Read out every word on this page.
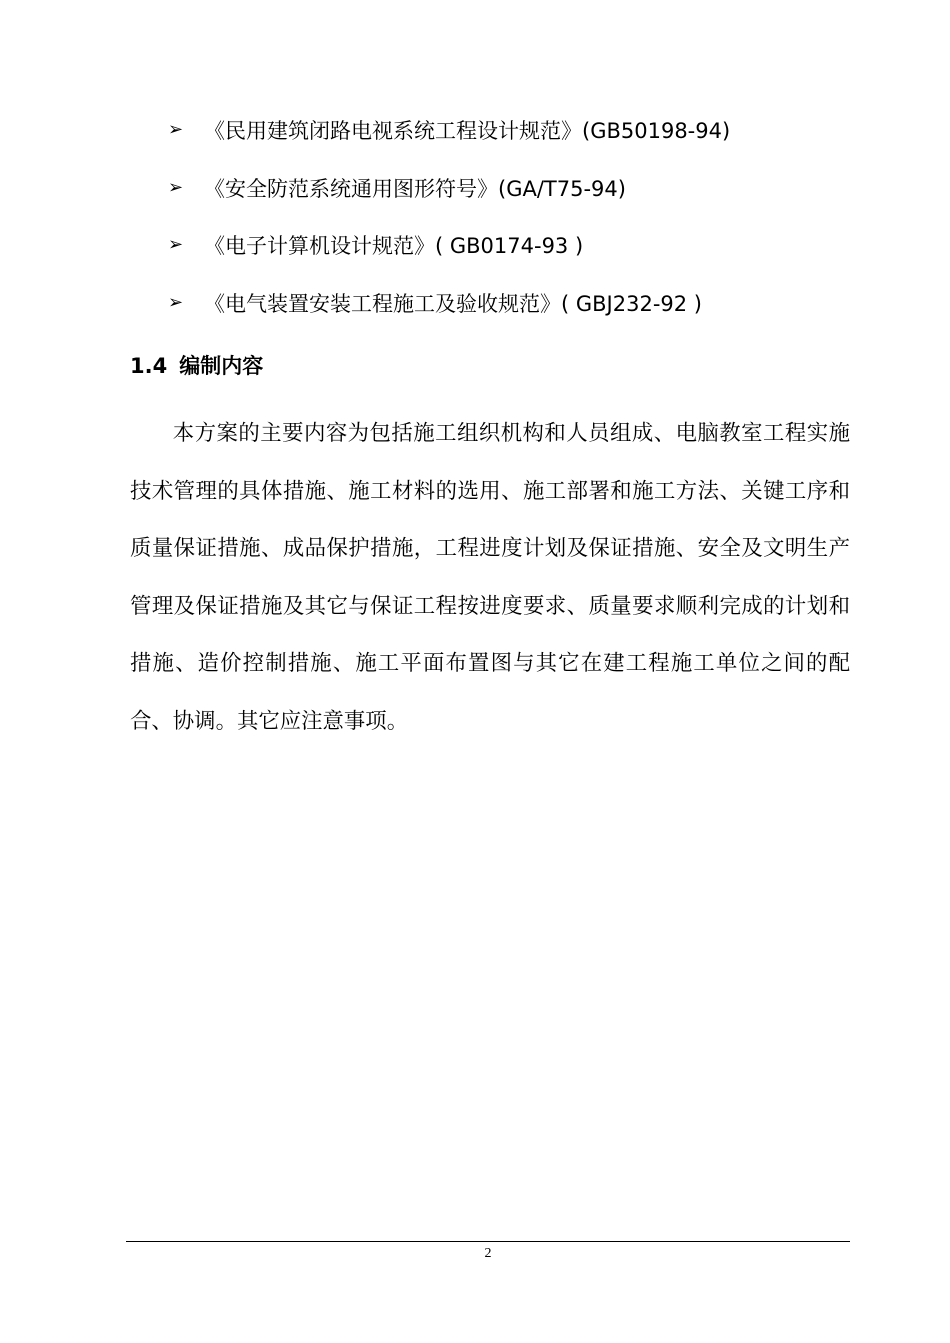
➢ 《民用建筑闭路电视系统工程设计规范》(GB50198-94)
➢ 《安全防范系统通用图形符号》(GA/T75-94)
➢ 《电子计算机设计规范》( GB0174-93 )
➢ 《电气装置安装工程施工及验收规范》( GBJ232-92 )
1.4 编制内容

本方案的主要内容为包括施工组织机构和人员组成、电脑教室工程实施技术管理的具体措施、施工材料的选用、施工部署和施工方法、关键工序和质量保证措施、成品保护措施，工程进度计划及保证措施、安全及文明生产管理及保证措施及其它与保证工程按进度要求、质量要求顺利完成的计划和措施、造价控制措施、施工平面布置图与其它在建工程施工单位之间的配合、协调。其它应注意事项。

2
